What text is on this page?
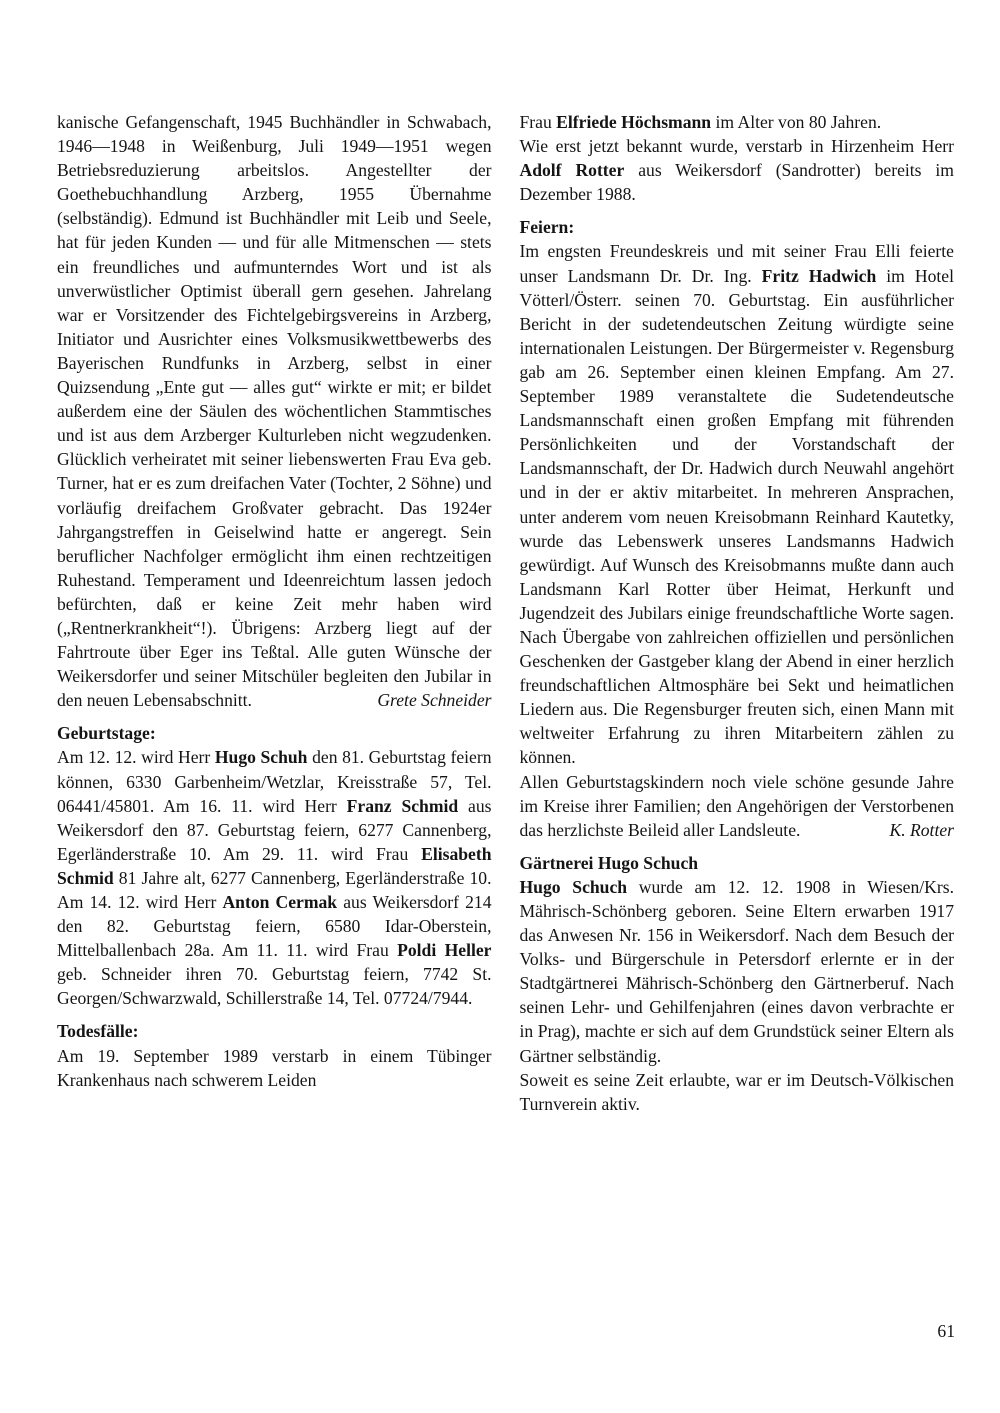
kanische Gefangenschaft, 1945 Buchhändler in Schwabach, 1946—1948 in Weißenburg, Juli 1949—1951 wegen Betriebsreduzierung arbeitslos. Angestellter der Goethebuchhandlung Arzberg, 1955 Übernahme (selbständig). Edmund ist Buchhändler mit Leib und Seele, hat für jeden Kunden — und für alle Mitmenschen — stets ein freundliches und aufmunterndes Wort und ist als unverwüstlicher Optimist überall gern gesehen. Jahrelang war er Vorsitzender des Fichtelgebirgsvereins in Arzberg, Initiator und Ausrichter eines Volksmusikwettbewerbs des Bayerischen Rundfunks in Arzberg, selbst in einer Quizsendung „Ente gut — alles gut“ wirkte er mit; er bildet außerdem eine der Säulen des wöchentlichen Stammtisches und ist aus dem Arzberger Kulturleben nicht wegzudenken. Glücklich verheiratet mit seiner liebenswerten Frau Eva geb. Turner, hat er es zum dreifachen Vater (Tochter, 2 Söhne) und vorläufig dreifachem Großvater gebracht. Das 1924er Jahrgangstreffen in Geiselwind hatte er angeregt. Sein beruflicher Nachfolger ermöglicht ihm einen rechtzeitigen Ruhestand. Temperament und Ideenreichtum lassen jedoch befürchten, daß er keine Zeit mehr haben wird („Rentnerkrankheit“!). Übrigens: Arzberg liegt auf der Fahrtroute über Eger ins Teßtal. Alle guten Wünsche der Weikersdorfer und seiner Mitschüler begleiten den Jubilar in den neuen Lebensabschnitt.	Grete Schneider

Geburtstage:

Am 12. 12. wird Herr Hugo Schuh den 81. Geburtstag feiern können, 6330 Garbenheim/Wetzlar, Kreisstraße 57, Tel. 06441/45801. Am 16. 11. wird Herr Franz Schmid aus Weikersdorf den 87. Geburtstag feiern, 6277 Cannenberg, Egerländerstraße 10. Am 29. 11. wird Frau Elisabeth Schmid 81 Jahre alt, 6277 Cannenberg, Egerländerstraße 10. Am 14. 12. wird Herr Anton Cermak aus Weikersdorf 214 den 82. Geburtstag feiern, 6580 Idar-Oberstein, Mittelballenbach 28a. Am 11. 11. wird Frau Poldi Heller geb. Schneider ihren 70. Geburtstag feiern, 7742 St. Georgen/Schwarzwald, Schillerstraße 14, Tel. 07724/7944.

Todesfälle:

Am 19. September 1989 verstarb in einem Tübinger Krankenhaus nach schwerem Leiden

Frau Elfriede Höchsmann im Alter von 80 Jahren.

Wie erst jetzt bekannt wurde, verstarb in Hirzenheim Herr Adolf Rotter aus Weikersdorf (Sandrotter) bereits im Dezember 1988.

Feiern:

Im engsten Freundeskreis und mit seiner Frau Elli feierte unser Landsmann Dr. Dr. Ing. Fritz Hadwich im Hotel Vötterl/Österr. seinen 70. Geburtstag. Ein ausführlicher Bericht in der sudetendeutschen Zeitung würdigte seine internationalen Leistungen. Der Bürgermeister v. Regensburg gab am 26. September einen kleinen Empfang. Am 27. September 1989 veranstaltete die Sudetendeutsche Landsmannschaft einen großen Empfang mit führenden Persönlichkeiten und der Vorstandschaft der Landsmannschaft, der Dr. Hadwich durch Neuwahl angehört und in der er aktiv mitarbeitet. In mehreren Ansprachen, unter anderem vom neuen Kreisobmann Reinhard Kautetky, wurde das Lebenswerk unseres Landsmanns Hadwich gewürdigt. Auf Wunsch des Kreisobmanns mußte dann auch Landsmann Karl Rotter über Heimat, Herkunft und Jugendzeit des Jubilars einige freundschaftliche Worte sagen. Nach Übergabe von zahlreichen offiziellen und persönlichen Geschenken der Gastgeber klang der Abend in einer herzlich freundschaftlichen Altmosphäre bei Sekt und heimatlichen Liedern aus. Die Regensburger freuten sich, einen Mann mit weltweiter Erfahrung zu ihren Mitarbeitern zählen zu können.

Allen Geburtstagskindern noch viele schöne gesunde Jahre im Kreise ihrer Familien; den Angehörigen der Verstorbenen das herzlichste Beileid aller Landsleute.	K. Rotter

Gärtnerei Hugo Schuch

Hugo Schuch wurde am 12. 12. 1908 in Wiesen/Krs. Mährisch-Schönberg geboren. Seine Eltern erwarben 1917 das Anwesen Nr. 156 in Weikersdorf. Nach dem Besuch der Volks- und Bürgerschule in Petersdorf erlernte er in der Stadtgärtnerei Mährisch-Schönberg den Gärtnerberuf. Nach seinen Lehr- und Gehilfenjahren (eines davon verbrachte er in Prag), machte er sich auf dem Grundstück seiner Eltern als Gärtner selbständig.

Soweit es seine Zeit erlaubte, war er im Deutsch-Völkischen Turnverein aktiv.

61
